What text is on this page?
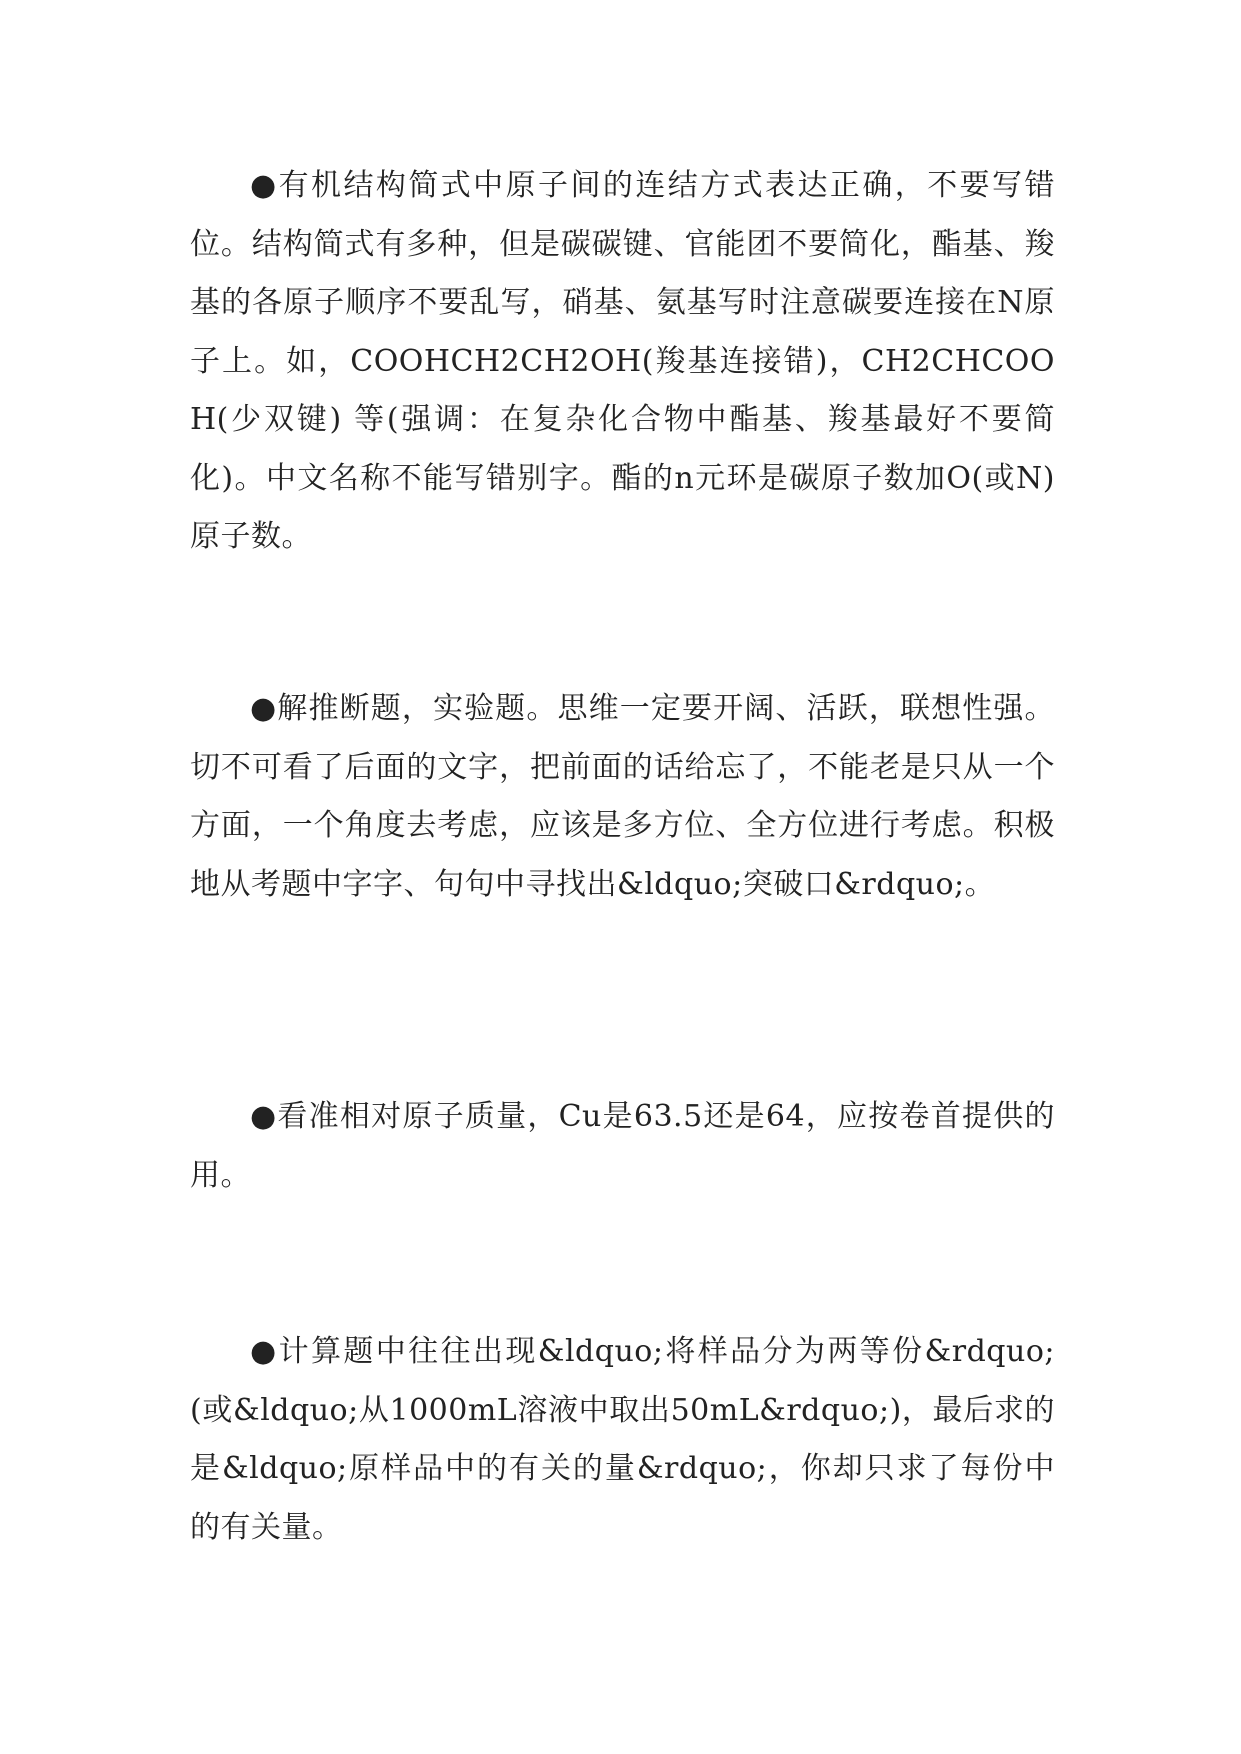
●有机结构简式中原子间的连结方式表达正确，不要写错位。结构简式有多种，但是碳碳键、官能团不要简化，酯基、羧基的各原子顺序不要乱写，硝基、氨基写时注意碳要连接在N原子上。如，COOHCH2CH2OH(羧基连接错)，CH2CHCOOH(少双键) 等(强调：在复杂化合物中酯基、羧基最好不要简化)。中文名称不能写错别字。酯的n元环是碳原子数加O(或N)原子数。

●解推断题，实验题。思维一定要开阔、活跃，联想性强。切不可看了后面的文字，把前面的话给忘了，不能老是只从一个方面，一个角度去考虑，应该是多方位、全方位进行考虑。积极地从考题中字字、句句中寻找出&ldquo;突破口&rdquo;。

●看准相对原子质量，Cu是63.5还是64，应按卷首提供的用。

●计算题中往往出现&ldquo;将样品分为两等份&rdquo;(或&ldquo;从1000mL溶液中取出50mL&rdquo;)，最后求的是&ldquo;原样品中的有关的量&rdquo;，你却只求了每份中的有关量。
